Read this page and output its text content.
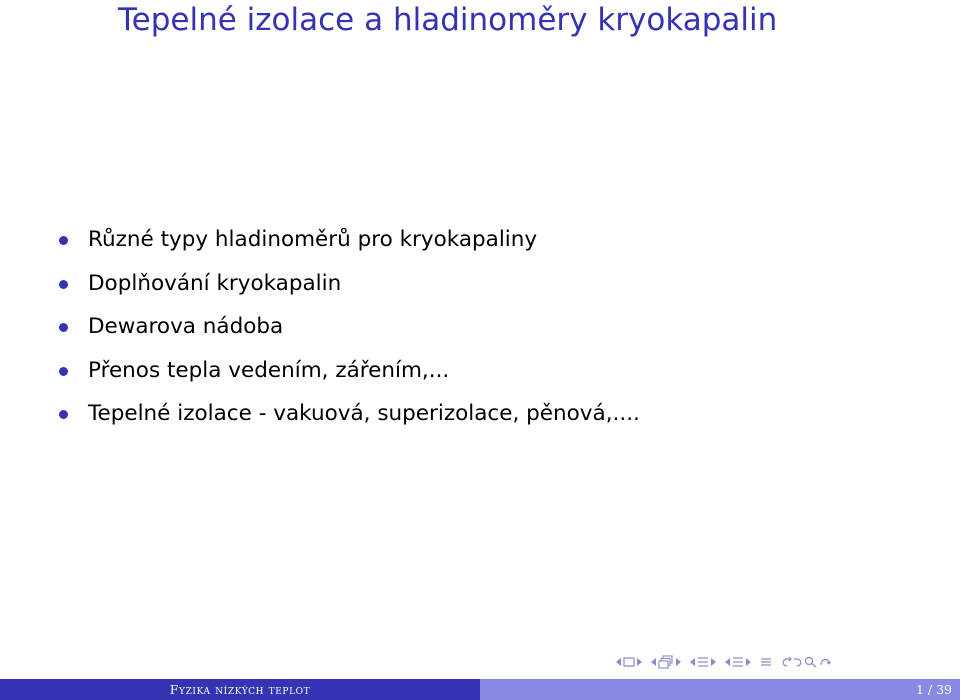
Tepelné izolace a hladinoměry kryokapalin
Různé typy hladinoměrů pro kryokapaliny
Doplňování kryokapalin
Dewarova nádoba
Přenos tepla vedením, zářením,...
Tepelné izolace - vakuová, superizolace, pěnová,....
Fyzika nízkých teplot	1 / 39
